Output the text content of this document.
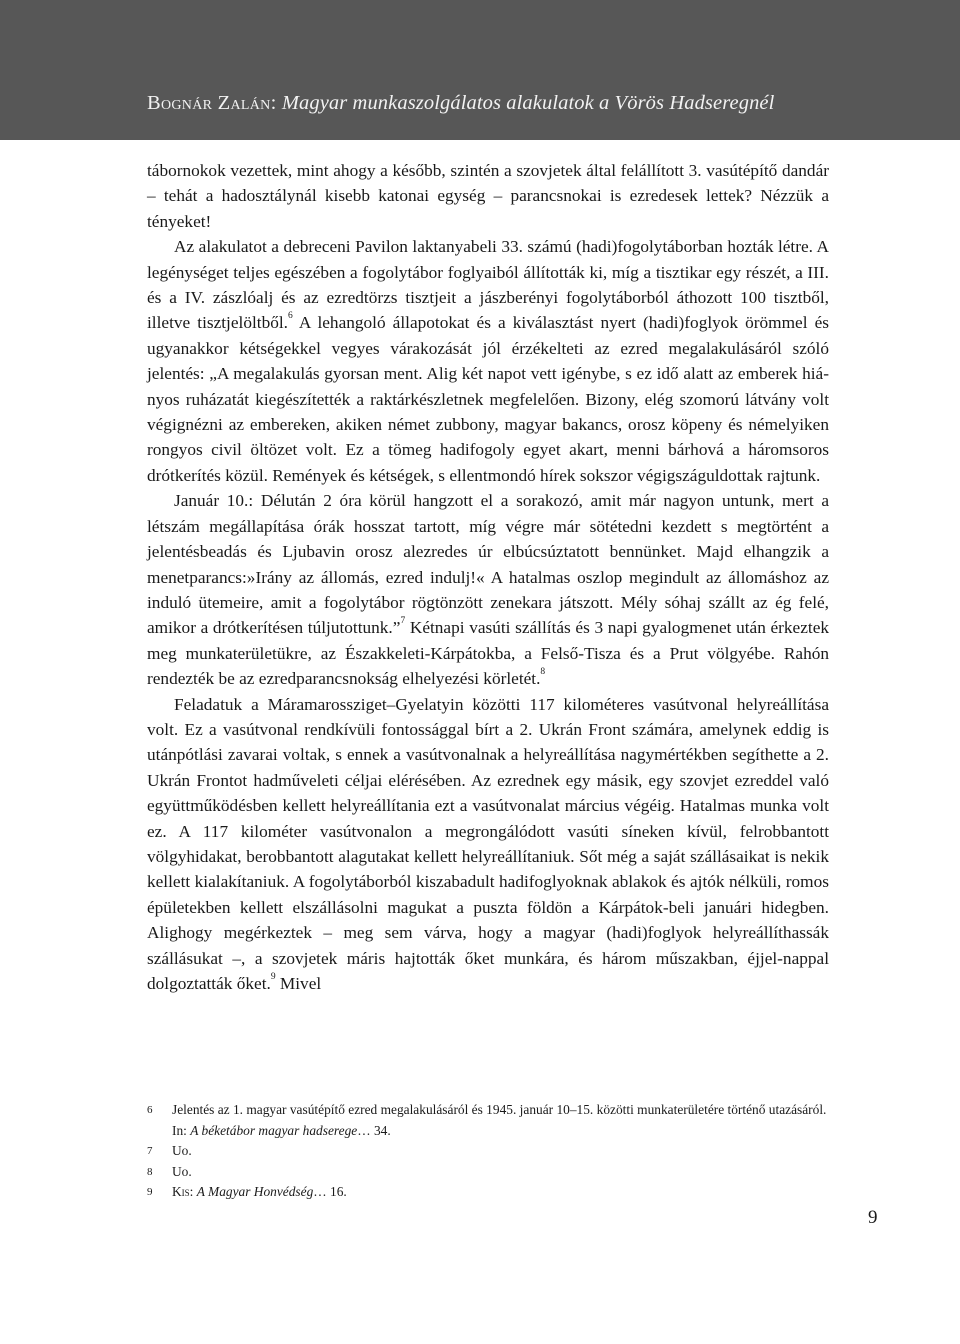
Bognár Zalán: Magyar munkaszolgálatos alakulatok a Vörös Hadseregnél

tábornokok vezettek, mint ahogy a később, szintén a szovjetek által felállított 3. vasútépítő dandár – tehát a hadosztálynál kisebb katonai egység – parancsnokai is ezredesek lettek? Nézzük a tényeket!

Az alakulatot a debreceni Pavilon laktanyabeli 33. számú (hadi)fogolytáborban hozták létre. A legénységet teljes egészében a fogolytábor foglyaiból állították ki, míg a tisztikar egy részét, a III. és a IV. zászlóalj és az ezredtörzs tisztjeit a jászberényi fogolytáborból áthozott 100 tisztből, illetve tisztjelöltből.$^6$ A lehangoló állapotokat és a kiválasztást nyert (hadi)foglyok örömmel és ugyanakkor kétségekkel vegyes várakozását jól érzékelteti az ezred megalakulásáról szóló jelentés: „A megalakulás gyorsan ment. Alig két napot vett igénybe, s ez idő alatt az emberek hiányos ruházatát kiegészítették a raktárkészletnek megfelelően. Bizony, elég szomorú látvány volt végignézni az embereken, akiken német zubbony, magyar bakancs, orosz köpeny és némelyiken rongyos civil öltözet volt. Ez a tömeg hadifogoly egyet akart, menni bárhová a háromsoros drótkerítés közül. Remények és kétségek, s ellentmondó hírek sokszor végigszáguldottak rajtunk.

Január 10.: Délután 2 óra körül hangzott el a sorakozó, amit már nagyon untunk, mert a létszám megállapítása órák hosszat tartott, míg végre már sötétedni kezdett s megtörtént a jelentésbeadás és Ljubavin orosz alezredes úr elbúcsúztatott bennünket. Majd elhangzik a menetparancs:»Irány az állomás, ezred indulj!« A hatalmas oszlop megindult az állomáshoz az induló ütemeire, amit a fogolytábor rögtönzött zenekara játszott. Mély sóhaj szállt az ég felé, amikor a drótkerítésen túljutottunk.”$^7$ Kétnapi vasúti szállítás és 3 napi gyalogmenet után érkeztek meg munkaterületükre, az Északkeleti-Kárpátokba, a Felső-Tisza és a Prut völgyébe. Rahón rendezték be az ezredparancsnokság elhelyezési körletét.$^8$

Feladatuk a Máramarossziget–Gyelatyin közötti 117 kilométeres vasútvonal helyreállítása volt. Ez a vasútvonal rendkívüli fontossággal bírt a 2. Ukrán Front számára, amelynek eddig is utánpótlási zavarai voltak, s ennek a vasútvonalnak a helyreállítása nagymértékben segíthette a 2. Ukrán Frontot hadműveleti céljai elérésében. Az ezrednek egy másik, egy szovjet ezreddel való együttműködésben kellett helyreállítania ezt a vasútvonalat március végéig. Hatalmas munka volt ez. A 117 kilométer vasútvonalon a megrongálódott vasúti síneken kívül, felrobbantott völgyhidakat, berobbantott alagutakat kellett helyreállítaniuk. Sőt még a saját szállásaikat is nekik kellett kialakítaniuk. A fogolytáborból kiszabadult hadifoglyoknak ablakok és ajtók nélküli, romos épületekben kellett elszállásolni magukat a puszta földön a Kárpátok-beli januári hidegben. Alighogy megérkeztek – meg sem várva, hogy a magyar (hadi)foglyok helyreállíthassák szállásukat –, a szovjetek máris hajtották őket munkára, és három műszakban, éjjel-nappal dolgoztatták őket.$^9$ Mivel

6 Jelentés az 1. magyar vasútépítő ezred megalakulásáról és 1945. január 10–15. közötti munkaterületére történő utazásáról. In: A béketábor magyar hadserege… 34.
7 Uo.
8 Uo.
9 Kis: A Magyar Honvédség… 16.
9
